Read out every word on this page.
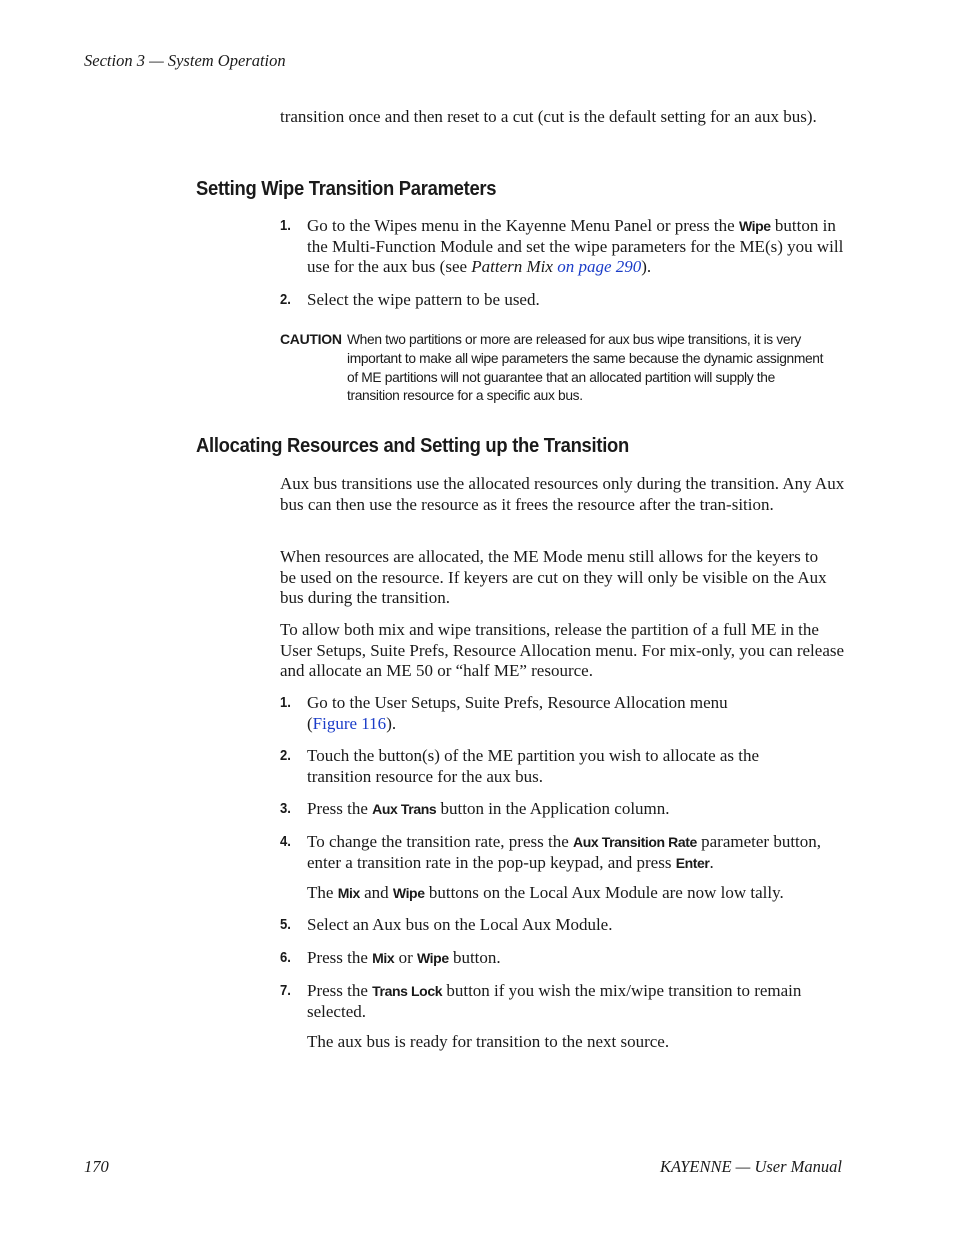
Section 3 — System Operation
transition once and then reset to a cut (cut is the default setting for an aux bus).
Setting Wipe Transition Parameters
1. Go to the Wipes menu in the Kayenne Menu Panel or press the Wipe button in the Multi-Function Module and set the wipe parameters for the ME(s) you will use for the aux bus (see Pattern Mix on page 290).
2. Select the wipe pattern to be used.
CAUTION When two partitions or more are released for aux bus wipe transitions, it is very important to make all wipe parameters the same because the dynamic assignment of ME partitions will not guarantee that an allocated partition will supply the transition resource for a specific aux bus.
Allocating Resources and Setting up the Transition
Aux bus transitions use the allocated resources only during the transition. Any Aux bus can then use the resource as it frees the resource after the tran-sition.
When resources are allocated, the ME Mode menu still allows for the keyers to be used on the resource. If keyers are cut on they will only be visible on the Aux bus during the transition.
To allow both mix and wipe transitions, release the partition of a full ME in the User Setups, Suite Prefs, Resource Allocation menu. For mix-only, you can release and allocate an ME 50 or “half ME” resource.
1. Go to the User Setups, Suite Prefs, Resource Allocation menu (Figure 116).
2. Touch the button(s) of the ME partition you wish to allocate as the transition resource for the aux bus.
3. Press the Aux Trans button in the Application column.
4. To change the transition rate, press the Aux Transition Rate parameter button, enter a transition rate in the pop-up keypad, and press Enter.
The Mix and Wipe buttons on the Local Aux Module are now low tally.
5. Select an Aux bus on the Local Aux Module.
6. Press the Mix or Wipe button.
7. Press the Trans Lock button if you wish the mix/wipe transition to remain selected.
The aux bus is ready for transition to the next source.
170	KAYENNE — User Manual
